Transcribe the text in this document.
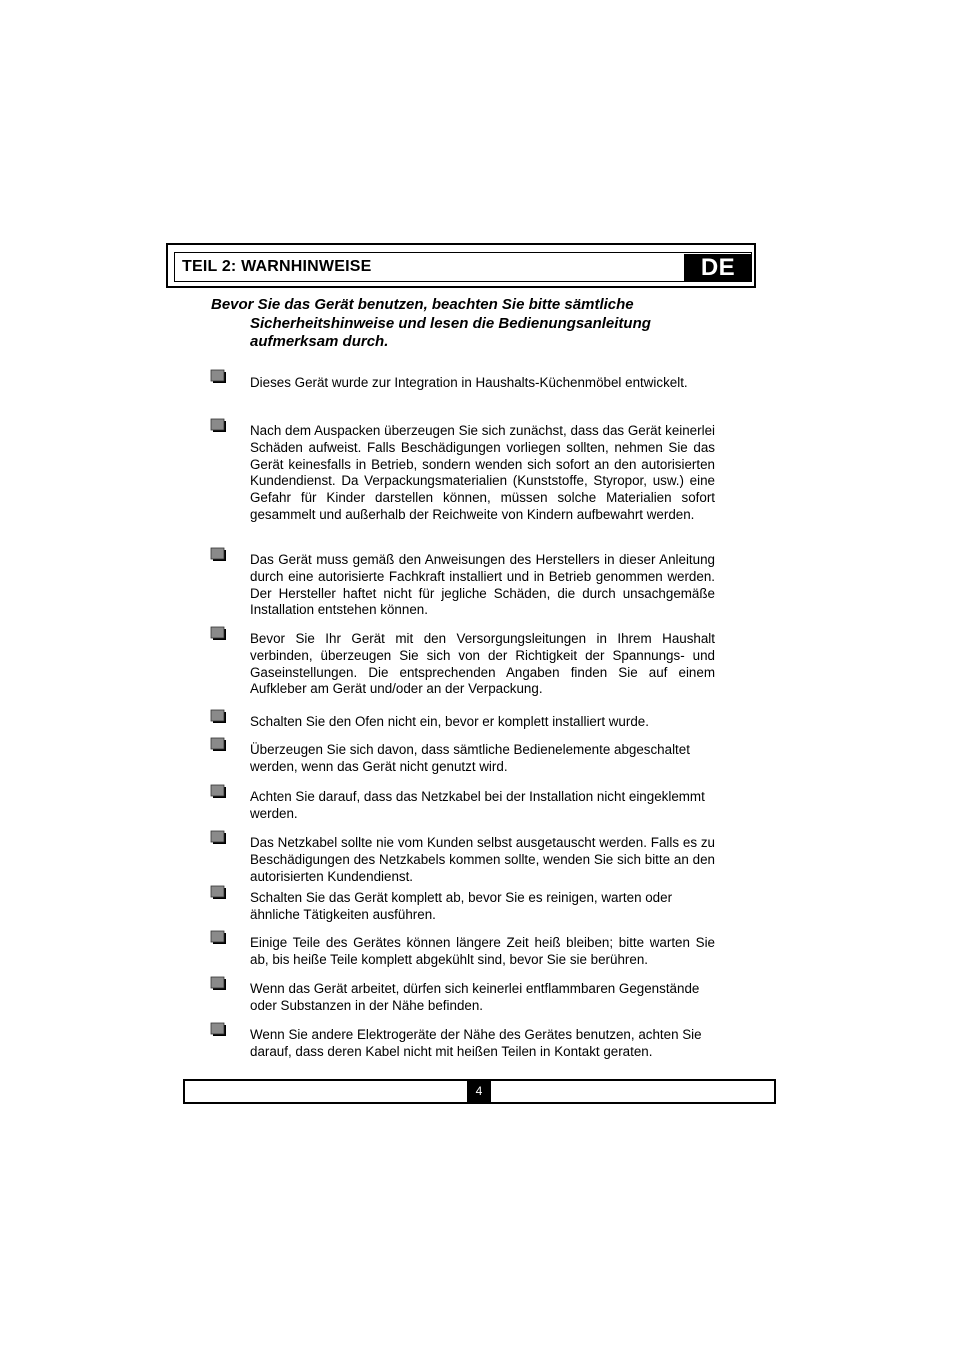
TEIL 2: WARNHINWEISE	DE
Bevor Sie das Gerät benutzen, beachten Sie bitte sämtliche
Sicherheitshinweise und lesen die Bedienungsanleitung
aufmerksam durch.
Dieses Gerät wurde zur Integration in Haushalts-Küchenmöbel entwickelt.
Nach dem Auspacken überzeugen Sie sich zunächst, dass das Gerät keinerlei Schäden aufweist. Falls Beschädigungen vorliegen sollten, nehmen Sie das Gerät keinesfalls in Betrieb, sondern wenden sich sofort an den autorisierten Kundendienst. Da Verpackungsmaterialien (Kunststoffe, Styropor, usw.) eine Gefahr für Kinder darstellen können, müssen solche Materialien sofort gesammelt und außerhalb der Reichweite von Kindern aufbewahrt werden.
Das Gerät muss gemäß den Anweisungen des Herstellers in dieser Anleitung durch eine autorisierte Fachkraft installiert und in Betrieb genommen werden. Der Hersteller haftet nicht für jegliche Schäden, die durch unsachgemäße Installation entstehen können.
Bevor Sie Ihr Gerät mit den Versorgungsleitungen in Ihrem Haushalt verbinden, überzeugen Sie sich von der Richtigkeit der Spannungs- und Gaseinstellungen. Die entsprechenden Angaben finden Sie auf einem Aufkleber am Gerät und/oder an der Verpackung.
Schalten Sie den Ofen nicht ein, bevor er komplett installiert wurde.
Überzeugen Sie sich davon, dass sämtliche Bedienelemente abgeschaltet werden, wenn das Gerät nicht genutzt wird.
Achten Sie darauf, dass das Netzkabel bei der Installation nicht eingeklemmt werden.
Das Netzkabel sollte nie vom Kunden selbst ausgetauscht werden. Falls es zu Beschädigungen des Netzkabels kommen sollte, wenden Sie sich bitte an den autorisierten Kundendienst.
Schalten Sie das Gerät komplett ab, bevor Sie es reinigen, warten oder ähnliche Tätigkeiten ausführen.
Einige Teile des Gerätes können längere Zeit heiß bleiben; bitte warten Sie ab, bis heiße Teile komplett abgekühlt sind, bevor Sie sie berühren.
Wenn das Gerät arbeitet, dürfen sich keinerlei entflammbaren Gegenstände oder Substanzen in der Nähe befinden.
Wenn Sie andere Elektrogeräte der Nähe des Gerätes benutzen, achten Sie darauf, dass deren Kabel nicht mit heißen Teilen in Kontakt geraten.
4
